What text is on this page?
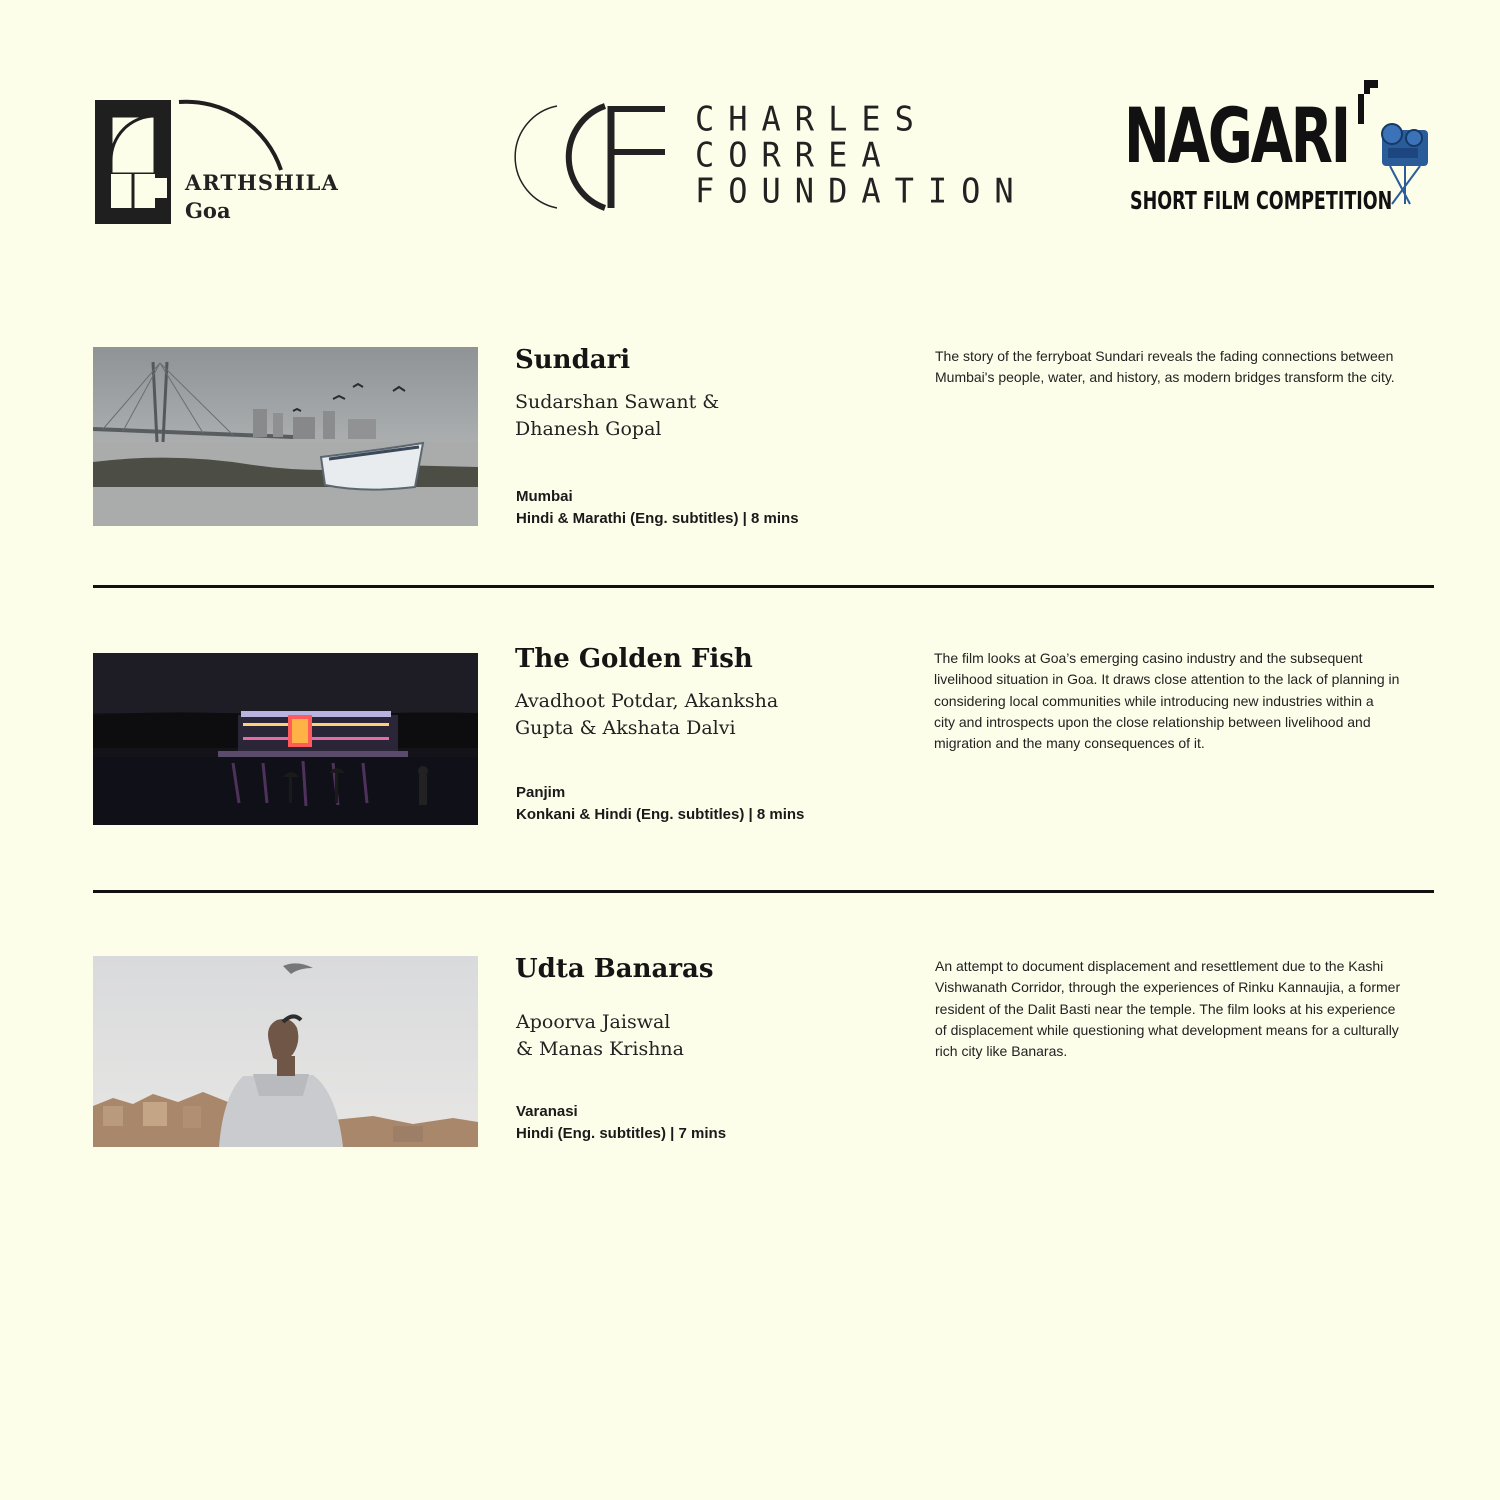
ARTHSHILA
Goa
CHARLES
CORREA
FOUNDATION
NAGARI
SHORT FILM COMPETITION
Sundari
Sudarshan Sawant &
Dhanesh Gopal
Mumbai
Hindi & Marathi (Eng. subtitles) | 8 mins
The story of the ferryboat Sundari reveals the fading connections between
Mumbai's people, water, and history, as modern bridges transform the city.
The Golden Fish
Avadhoot Potdar, Akanksha
Gupta & Akshata Dalvi
Panjim
Konkani & Hindi (Eng. subtitles) | 8 mins
The film looks at Goa’s emerging casino industry and the subsequent
livelihood situation in Goa. It draws close attention to the lack of planning in
considering local communities while introducing new industries within a
city and introspects upon the close relationship between livelihood and
migration and the many consequences of it.
Udta Banaras
Apoorva Jaiswal
& Manas Krishna
Varanasi
Hindi (Eng. subtitles) | 7 mins
An attempt to document displacement and resettlement due to the Kashi
Vishwanath Corridor, through the experiences of Rinku Kannaujia, a former
resident of the Dalit Basti near the temple. The film looks at his experience
of displacement while questioning what development means for a culturally
rich city like Banaras.
